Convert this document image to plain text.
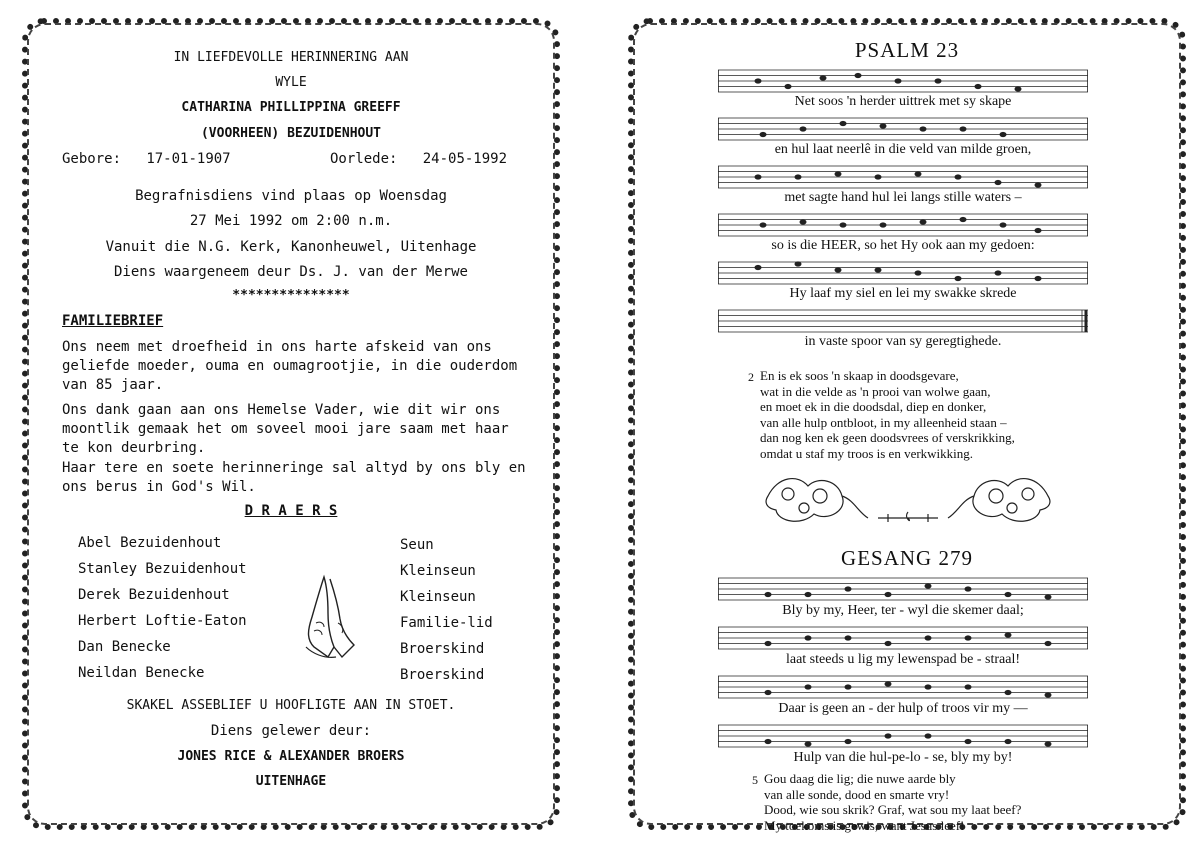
IN LIEFDEVOLLE HERINNERING AAN
WYLE
CATHARINA PHILLIPPINA GREEFF
(VOORHEEN) BEZUIDENHOUT
Gebore: 17-01-1907	Oorlede: 24-05-1992
Begrafnisdiens vind plaas op Woensdag
27 Mei 1992 om 2:00 n.m.
Vanuit die N.G. Kerk, Kanonheuwel, Uitenhage
Diens waargeneem deur Ds. J. van der Merwe
***************
FAMILIEBRIEF
Ons neem met droefheid in ons harte afskeid van ons geliefde moeder, ouma en oumagrootjie, in die ouderdom van 85 jaar.
Ons dank gaan aan ons Hemelse Vader, wie dit wir ons moontlik gemaak het om soveel mooi jare saam met haar te kon deurbring.
Haar tere en soete herinneringe sal altyd by ons bly en ons berus in God's Wil.
D R A E R S
Abel Bezuidenhout	Seun
Stanley Bezuidenhout	Kleinseun
Derek Bezuidenhout	Kleinseun
Herbert Loftie-Eaton	Familie-lid
Dan Benecke	Broerskind
Neildan Benecke	Broerskind
SKAKEL ASSEBLIEF U HOOFLIGTE AAN IN STOET.
Diens gelewer deur:
JONES RICE & ALEXANDER BROERS
UITENHAGE
PSALM 23
Net soos 'n herder uittrek met sy skape
en hul laat neerlê in die veld van milde groen,
met sagte hand hul lei langs stille waters –
so is die HEER, so het Hy ook aan my gedoen:
Hy laaf my siel en lei my swakke skrede
in vaste spoor van sy geregtighede.
2 En is ek soos 'n skaap in doodsgevare,
wat in die velde as 'n prooi van wolwe gaan,
en moet ek in die doodsdal, diep en donker,
van alle hulp ontbloot, in my alleenheid staan –
dan nog ken ek geen doodsvrees of verskrikking,
omdat u staf my troos is en verkwikking.
GESANG 279
Bly by my, Heer, ter - wyl die skemer daal;
laat steeds u lig my lewenspad be - straal!
Daar is geen an - der hulp of troos vir my —
Hulp van die hul-pe-lo - se, bly my by!
5 Gou daag die lig; die nuwe aarde bly
van alle sonde, dood en smarte vry!
Dood, wie sou skrik? Graf, wat sou my laat beef?
My toekoms is gewis, want Jesus leef!
